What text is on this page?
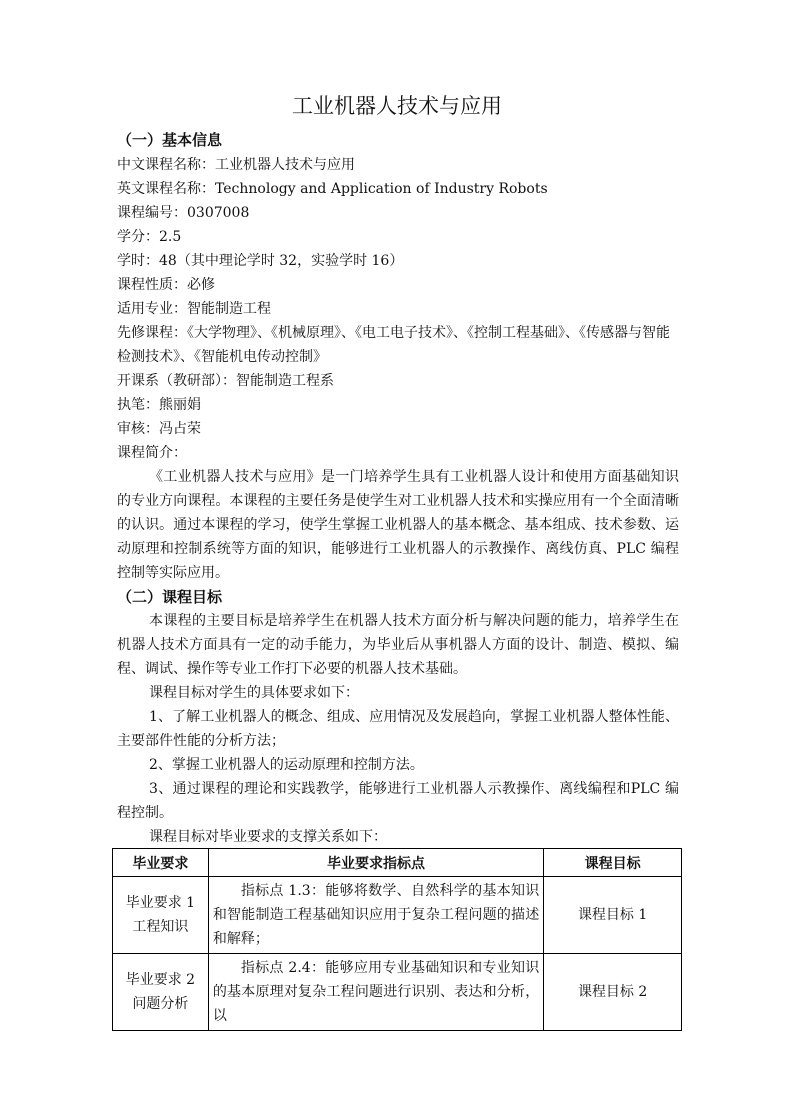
工业机器人技术与应用
（一）基本信息
中文课程名称：工业机器人技术与应用
英文课程名称：Technology and Application of Industry Robots
课程编号：0307008
学分：2.5
学时：48（其中理论学时 32，实验学时 16）
课程性质：必修
适用专业：智能制造工程
先修课程：《大学物理》、《机械原理》、《电工电子技术》、《控制工程基础》、《传感器与智能
检测技术》、《智能机电传动控制》
开课系（教研部）：智能制造工程系
执笔：熊丽娟
审核：冯占荣
课程简介：
《工业机器人技术与应用》是一门培养学生具有工业机器人设计和使用方面基础知识的专业方向课程。本课程的主要任务是使学生对工业机器人技术和实操应用有一个全面清晰的认识。通过本课程的学习，使学生掌握工业机器人的基本概念、基本组成、技术参数、运动原理和控制系统等方面的知识，能够进行工业机器人的示教操作、离线仿真、PLC 编程控制等实际应用。
（二）课程目标
本课程的主要目标是培养学生在机器人技术方面分析与解决问题的能力，培养学生在机器人技术方面具有一定的动手能力，为毕业后从事机器人方面的设计、制造、模拟、编程、调试、操作等专业工作打下必要的机器人技术基础。
课程目标对学生的具体要求如下：
1、了解工业机器人的概念、组成、应用情况及发展趋向，掌握工业机器人整体性能、主要部件性能的分析方法；
2、掌握工业机器人的运动原理和控制方法。
3、通过课程的理论和实践教学，能够进行工业机器人示教操作、离线编程和PLC 编程控制。
课程目标对毕业要求的支撑关系如下：
毕业要求	毕业要求指标点	课程目标
毕业要求 1 工程知识	指标点 1.3：能够将数学、自然科学的基本知识和智能制造工程基础知识应用于复杂工程问题的描述和解释；	课程目标 1
毕业要求 2 问题分析	指标点 2.4：能够应用专业基础知识和专业知识的基本原理对复杂工程问题进行识别、表达和分析，以	课程目标 2
